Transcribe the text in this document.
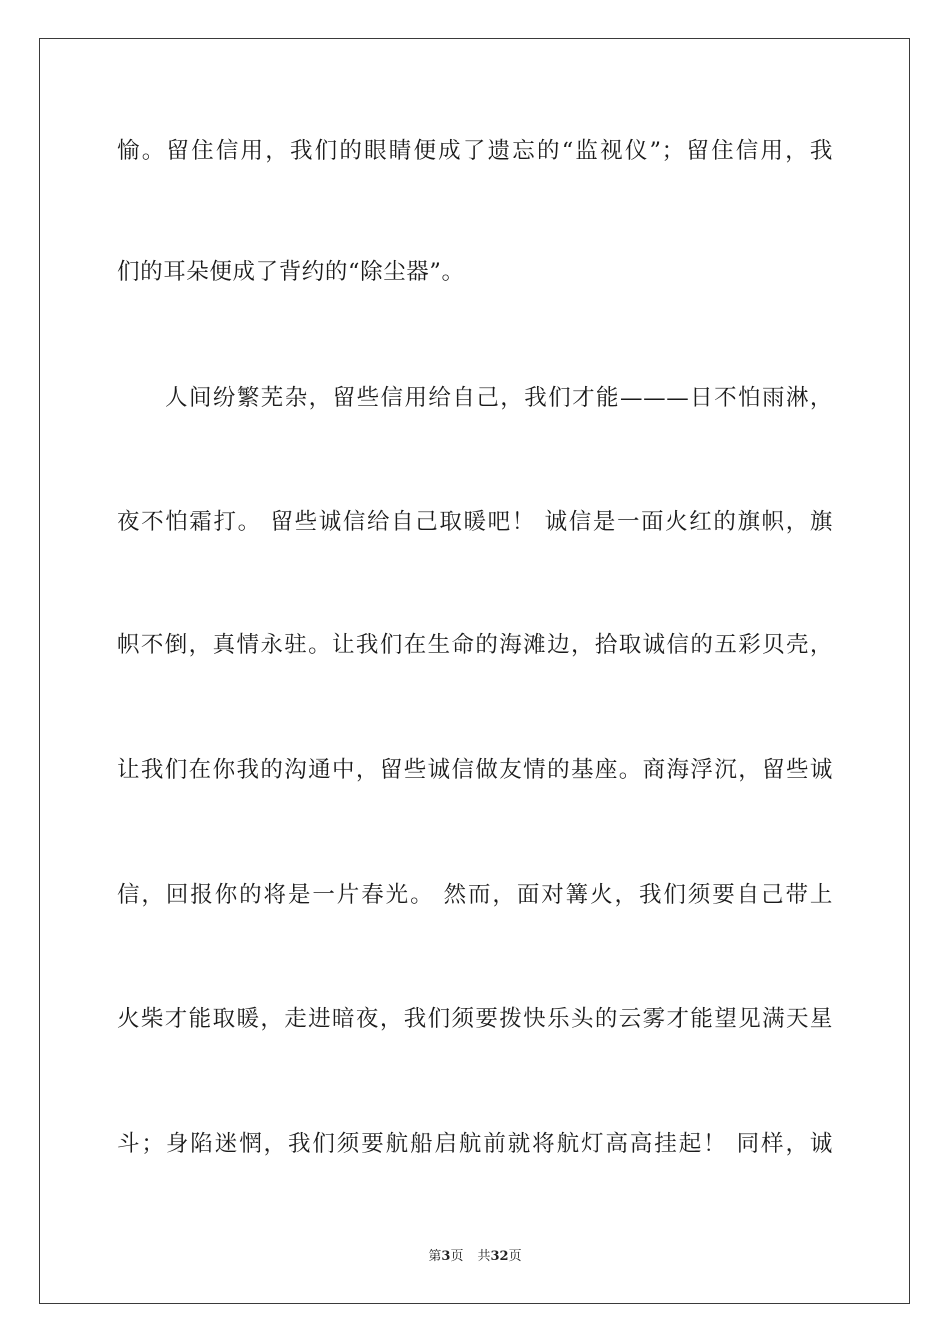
愉。留住信用，我们的眼睛便成了遗忘的“监视仪”；留住信用，我
们的耳朵便成了背约的“除尘器”。
人间纷繁芜杂，留些信用给自己，我们才能———日不怕雨淋，
夜不怕霜打。 留些诚信给自己取暖吧！ 诚信是一面火红的旗帜，旗
帜不倒，真情永驻。让我们在生命的海滩边，拾取诚信的五彩贝壳，
让我们在你我的沟通中，留些诚信做友情的基座。商海浮沉，留些诚
信，回报你的将是一片春光。 然而，面对篝火，我们须要自己带上
火柴才能取暖，走进暗夜，我们须要拨快乐头的云雾才能望见满天星
斗；身陷迷惘，我们须要航船启航前就将航灯高高挂起！ 同样，诚
第3页 共32页
